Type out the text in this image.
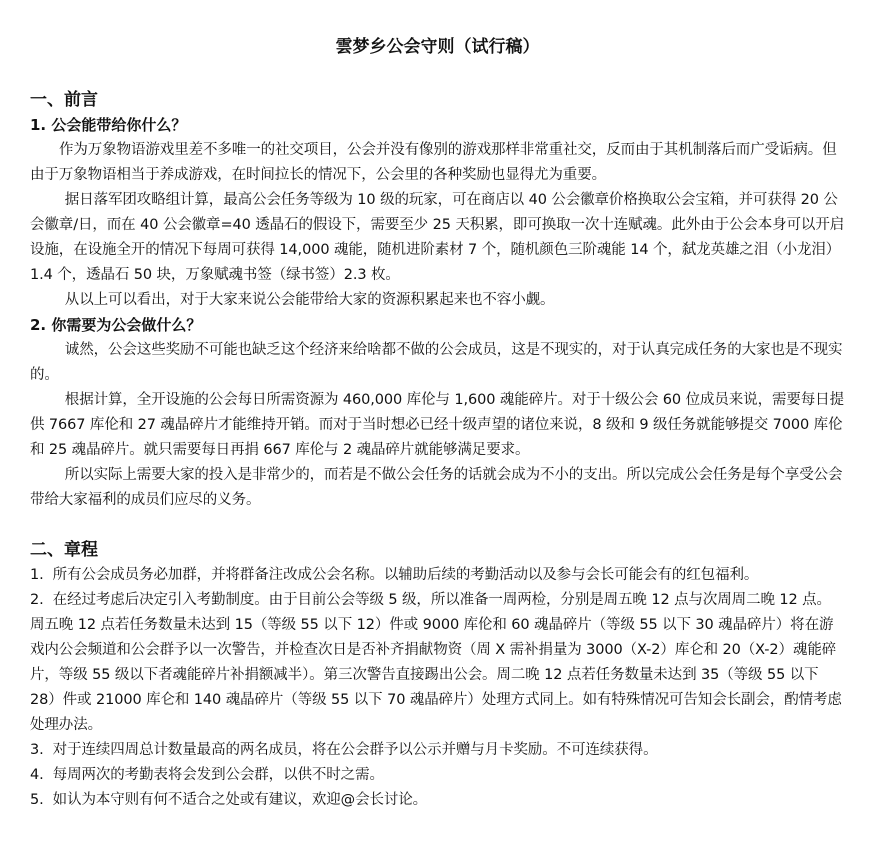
雲梦乡公会守则（试行稿）
一、前言
1. 公会能带给你什么？

作为万象物语游戏里差不多唯一的社交项目，公会并没有像别的游戏那样非常重社交，反而由于其机制落后而广受诟病。但由于万象物语相当于养成游戏，在时间拉长的情况下，公会里的各种奖励也显得尤为重要。

据日落军团攻略组计算，最高公会任务等级为 10 级的玩家，可在商店以 40 公会徽章价格换取公会宝箱，并可获得 20 公会徽章/日，而在 40 公会徽章=40 透晶石的假设下，需要至少 25 天积累，即可换取一次十连赋魂。此外由于公会本身可以开启设施，在设施全开的情况下每周可获得 14,000 魂能，随机进阶素材 7 个，随机颜色三阶魂能 14 个，弑龙英雄之泪（小龙泪）1.4 个，透晶石 50 块，万象赋魂书签（绿书签）2.3 枚。

从以上可以看出，对于大家来说公会能带给大家的资源积累起来也不容小觑。

2. 你需要为公会做什么？

诚然，公会这些奖励不可能也缺乏这个经济来给啥都不做的公会成员，这是不现实的，对于认真完成任务的大家也是不现实的。

根据计算，全开设施的公会每日所需资源为 460,000 库伦与 1,600 魂能碎片。对于十级公会 60 位成员来说，需要每日提供 7667 库伦和 27 魂晶碎片才能维持开销。而对于当时想必已经十级声望的诸位来说，8 级和 9 级任务就能够提交 7000 库伦和 25 魂晶碎片。就只需要每日再捐 667 库伦与 2 魂晶碎片就能够满足要求。

所以实际上需要大家的投入是非常少的，而若是不做公会任务的话就会成为不小的支出。所以完成公会任务是每个享受公会带给大家福利的成员们应尽的义务。

二、章程

1. 所有公会成员务必加群，并将群备注改成公会名称。以辅助后续的考勤活动以及参与会长可能会有的红包福利。

2. 在经过考虑后决定引入考勤制度。由于目前公会等级 5 级，所以准备一周两检，分别是周五晚 12 点与次周周二晚 12 点。周五晚 12 点若任务数量未达到 15（等级 55 以下 12）件或 9000 库伦和 60 魂晶碎片（等级 55 以下 30 魂晶碎片）将在游戏内公会频道和公会群予以一次警告，并检查次日是否补齐捐献物资（周 X 需补捐量为 3000（X-2）库仑和 20（X-2）魂能碎片，等级 55 级以下者魂能碎片补捐额减半）。第三次警告直接踢出公会。周二晚 12 点若任务数量未达到 35（等级 55 以下 28）件或 21000 库仑和 140 魂晶碎片（等级 55 以下 70 魂晶碎片）处理方式同上。如有特殊情况可告知会长副会，酌情考虑处理办法。

3. 对于连续四周总计数量最高的两名成员，将在公会群予以公示并赠与月卡奖励。不可连续获得。

4. 每周两次的考勤表将会发到公会群，以供不时之需。

5. 如认为本守则有何不适合之处或有建议，欢迎@会长讨论。
